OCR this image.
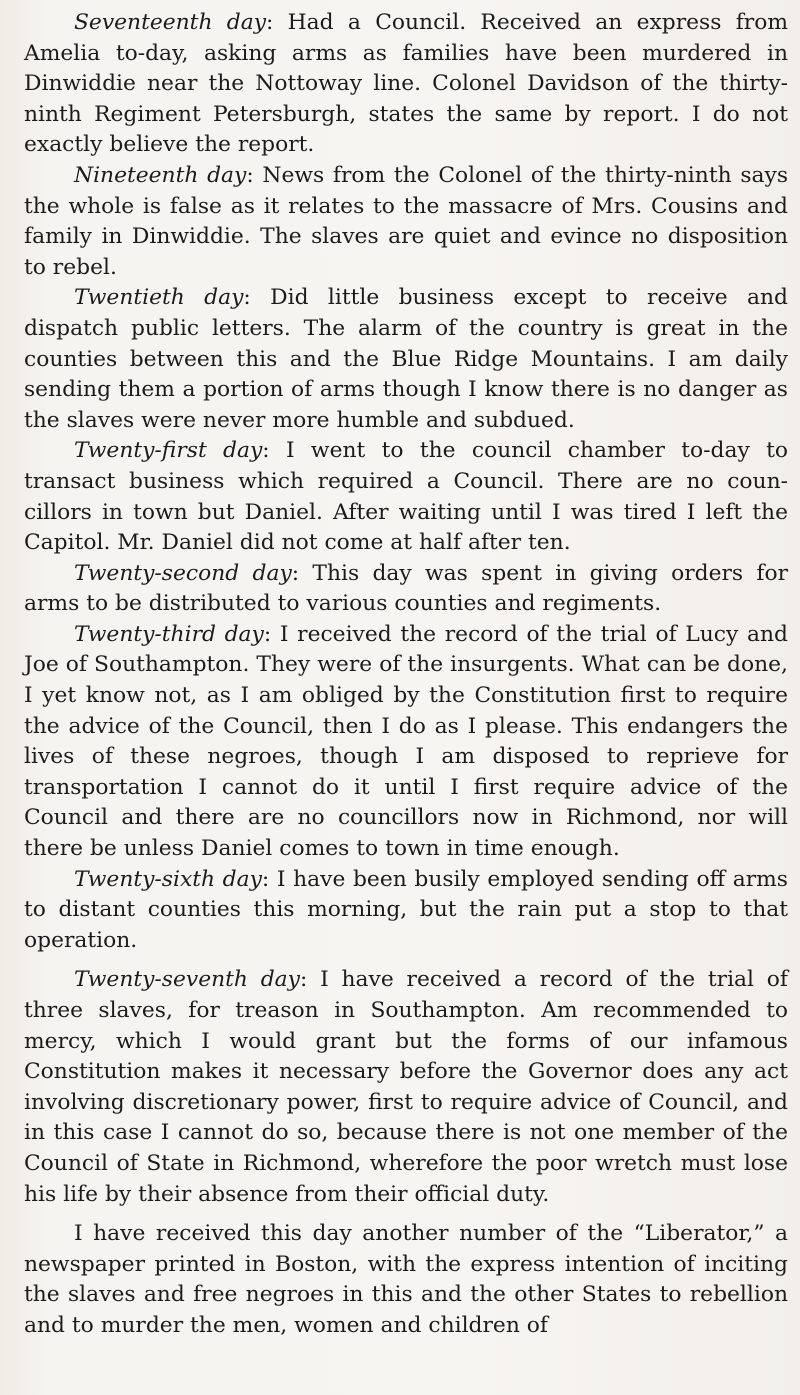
Seventeenth day: Had a Council. Received an express from Amelia to-day, asking arms as families have been murdered in Dinwiddie near the Nottoway line. Colonel Davidson of the thirty-ninth Regiment Petersburgh, states the same by report. I do not exactly believe the report.

Nineteenth day: News from the Colonel of the thirty-ninth says the whole is false as it relates to the massacre of Mrs. Cousins and family in Dinwiddie. The slaves are quiet and evince no disposition to rebel.

Twentieth day: Did little business except to receive and dispatch public letters. The alarm of the country is great in the counties between this and the Blue Ridge Mountains. I am daily sending them a portion of arms though I know there is no danger as the slaves were never more humble and subdued.

Twenty-first day: I went to the council chamber to-day to transact business which required a Council. There are no councillors in town but Daniel. After waiting until I was tired I left the Capitol. Mr. Daniel did not come at half after ten.

Twenty-second day: This day was spent in giving orders for arms to be distributed to various counties and regiments.

Twenty-third day: I received the record of the trial of Lucy and Joe of Southampton. They were of the insurgents. What can be done, I yet know not, as I am obliged by the Constitution first to require the advice of the Council, then I do as I please. This endangers the lives of these negroes, though I am disposed to reprieve for transportation I cannot do it until I first require advice of the Council and there are no councillors now in Richmond, nor will there be unless Daniel comes to town in time enough.

Twenty-sixth day: I have been busily employed sending off arms to distant counties this morning, but the rain put a stop to that operation.

Twenty-seventh day: I have received a record of the trial of three slaves, for treason in Southampton. Am recommended to mercy, which I would grant but the forms of our infamous Constitution makes it necessary before the Governor does any act involving discretionary power, first to require advice of Council, and in this case I cannot do so, because there is not one member of the Council of State in Richmond, wherefore the poor wretch must lose his life by their absence from their official duty.

I have received this day another number of the “Liberator,” a newspaper printed in Boston, with the express intention of inciting the slaves and free negroes in this and the other States to rebellion and to murder the men, women and children of
